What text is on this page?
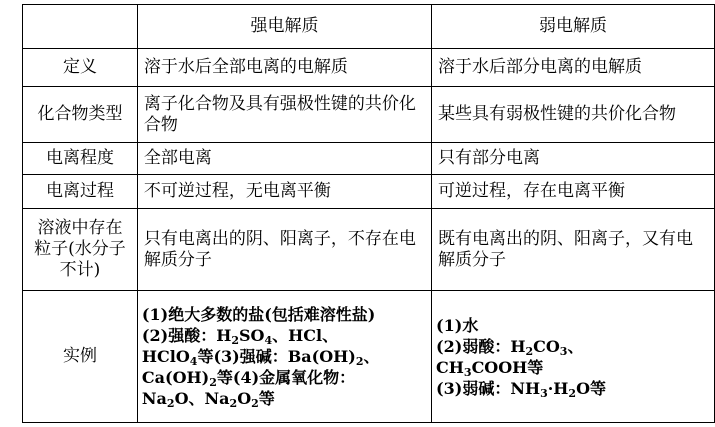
	强电解质	弱电解质
定义	溶于水后全部电离的电解质	溶于水后部分电离的电解质
化合物类型	离子化合物及具有强极性键的共价化合物	某些具有弱极性键的共价化合物
电离程度	全部电离	只有部分电离
电离过程	不可逆过程，无电离平衡	可逆过程，存在电离平衡
溶液中存在粒子(水分子不计)	只有电离出的阴、阳离子，不存在电解质分子	既有电离出的阴、阳离子，又有电解质分子
实例	(1)绝大多数的盐(包括难溶性盐)
(2)强酸：$H_2SO_4$、HCl、
HClO$_4$等(3)强碱：$Ba(OH)_2$、
$Ca(OH)_2$等(4)金属氧化物：
$Na_2O$、$Na_2O_2$等	(1)水
(2)弱酸：$H_2CO_3$、
$CH_3COOH$等
(3)弱碱：$NH_3\cdot H_2O$等
